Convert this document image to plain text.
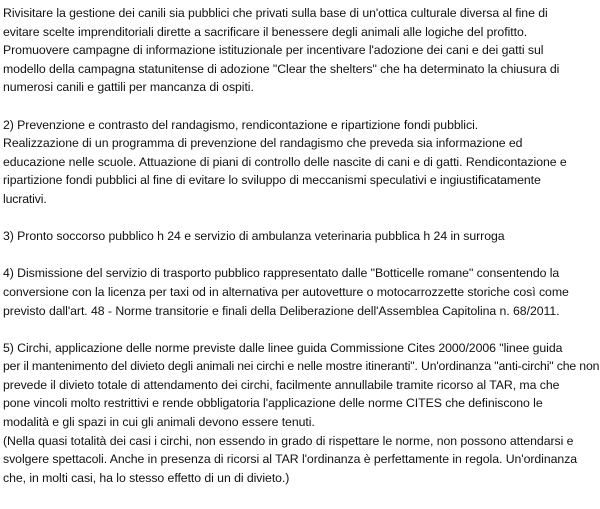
Rivisitare la gestione dei canili sia pubblici che privati sulla base di un'ottica culturale diversa al fine di
evitare scelte imprenditoriali dirette a sacrificare il benessere degli animali alle logiche del profitto.
Promuovere campagne di informazione istituzionale per incentivare l'adozione dei cani e dei gatti sul
modello della campagna statunitense di adozione "Clear the shelters" che ha determinato la chiusura di
numerosi canili e gattili per mancanza di ospiti.

2) Prevenzione e contrasto del randagismo, rendicontazione e ripartizione fondi pubblici.
Realizzazione di un programma di prevenzione del randagismo che preveda sia informazione ed
educazione nelle scuole. Attuazione di piani di controllo delle nascite di cani e di gatti. Rendicontazione e
ripartizione fondi pubblici al fine di evitare lo sviluppo di meccanismi speculativi e ingiustificatamente
lucrativi.

3) Pronto soccorso pubblico h 24 e servizio di ambulanza veterinaria pubblica h 24 in surroga

4) Dismissione del servizio di trasporto pubblico rappresentato dalle "Botticelle romane" consentendo la
conversione con la licenza per taxi od in alternativa per autovetture o motocarrozzette storiche così come
previsto dall'art. 48 - Norme transitorie e finali della Deliberazione dell'Assemblea Capitolina n. 68/2011.

5) Circhi, applicazione delle norme previste dalle linee guida Commissione Cites 2000/2006 "linee guida
per il mantenimento del divieto degli animali nei circhi e nelle mostre itineranti". Un'ordinanza "anti-circhi" che non
prevede il divieto totale di attendamento dei circhi, facilmente annullabile tramite ricorso al TAR, ma che
pone vincoli molto restrittivi e rende obbligatoria l'applicazione delle norme CITES che definiscono le
modalità e gli spazi in cui gli animali devono essere tenuti.
(Nella quasi totalità dei casi i circhi, non essendo in grado di rispettare le norme, non possono attendarsi e
svolgere spettacoli. Anche in presenza di ricorsi al TAR l'ordinanza è perfettamente in regola. Un'ordinanza
che, in molti casi, ha lo stesso effetto di un di divieto.)
